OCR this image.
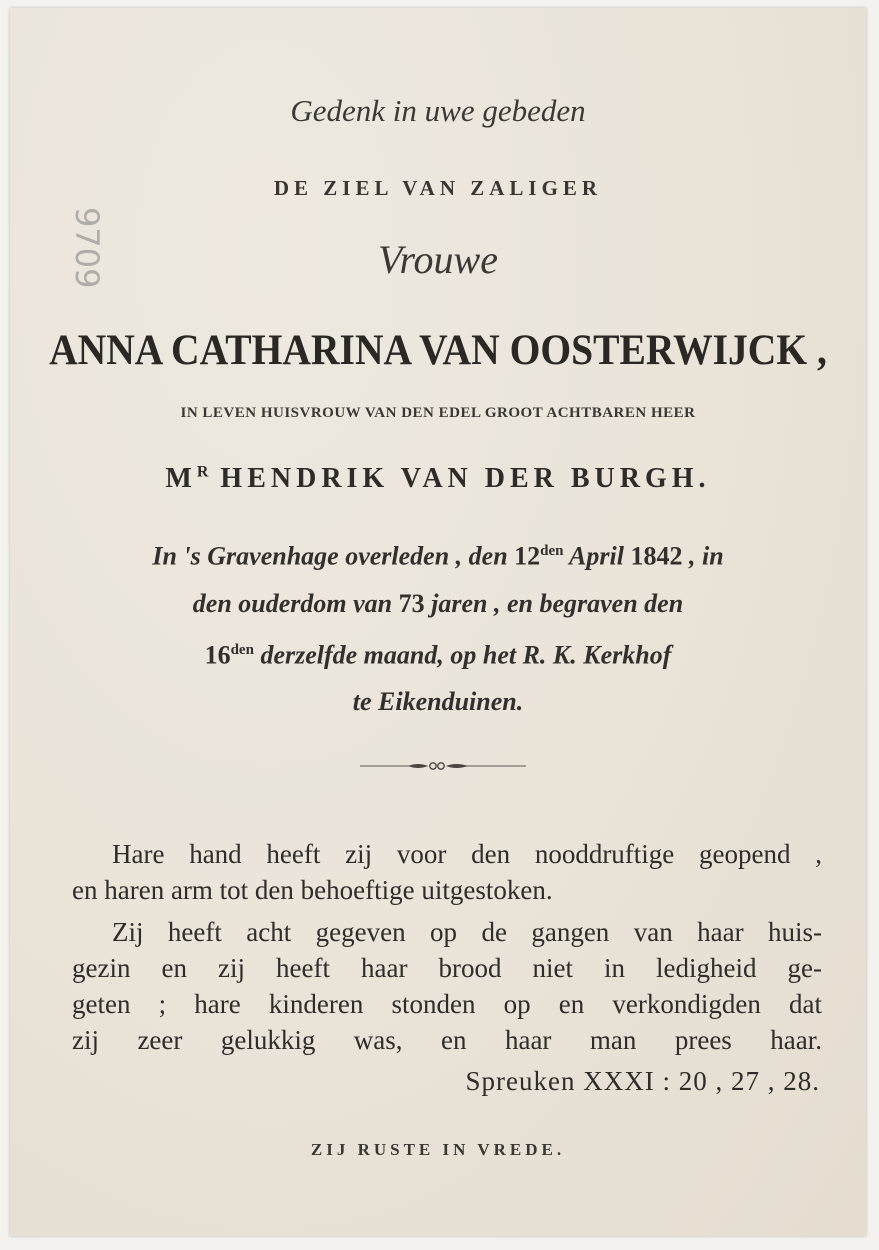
9709
Gedenk in uwe gebeden
DE ZIEL VAN ZALIGER
Vrouwe
ANNA CATHARINA VAN OOSTERWIJCK ,
IN LEVEN HUISVROUW VAN DEN EDEL GROOT ACHTBAREN HEER
$M^R$ HENDRIK VAN DER BURGH.
In 's Gravenhage overleden , den $12^{den}$ April 1842 , in
den ouderdom van 73 jaren , en begraven den
$16^{den}$ derzelfde maand, op het R. K. Kerkhof
te Eikenduinen.
Hare hand heeft zij voor den nooddruftige geopend ,
en haren arm tot den behoeftige uitgestoken.
Zij heeft acht gegeven op de gangen van haar huis-
gezin en zij heeft haar brood niet in ledigheid ge-
geten ; hare kinderen stonden op en verkondigden dat
zij zeer gelukkig was, en haar man prees haar.
Spreuken XXXI : 20 , 27 , 28.
ZIJ RUSTE IN VREDE.
